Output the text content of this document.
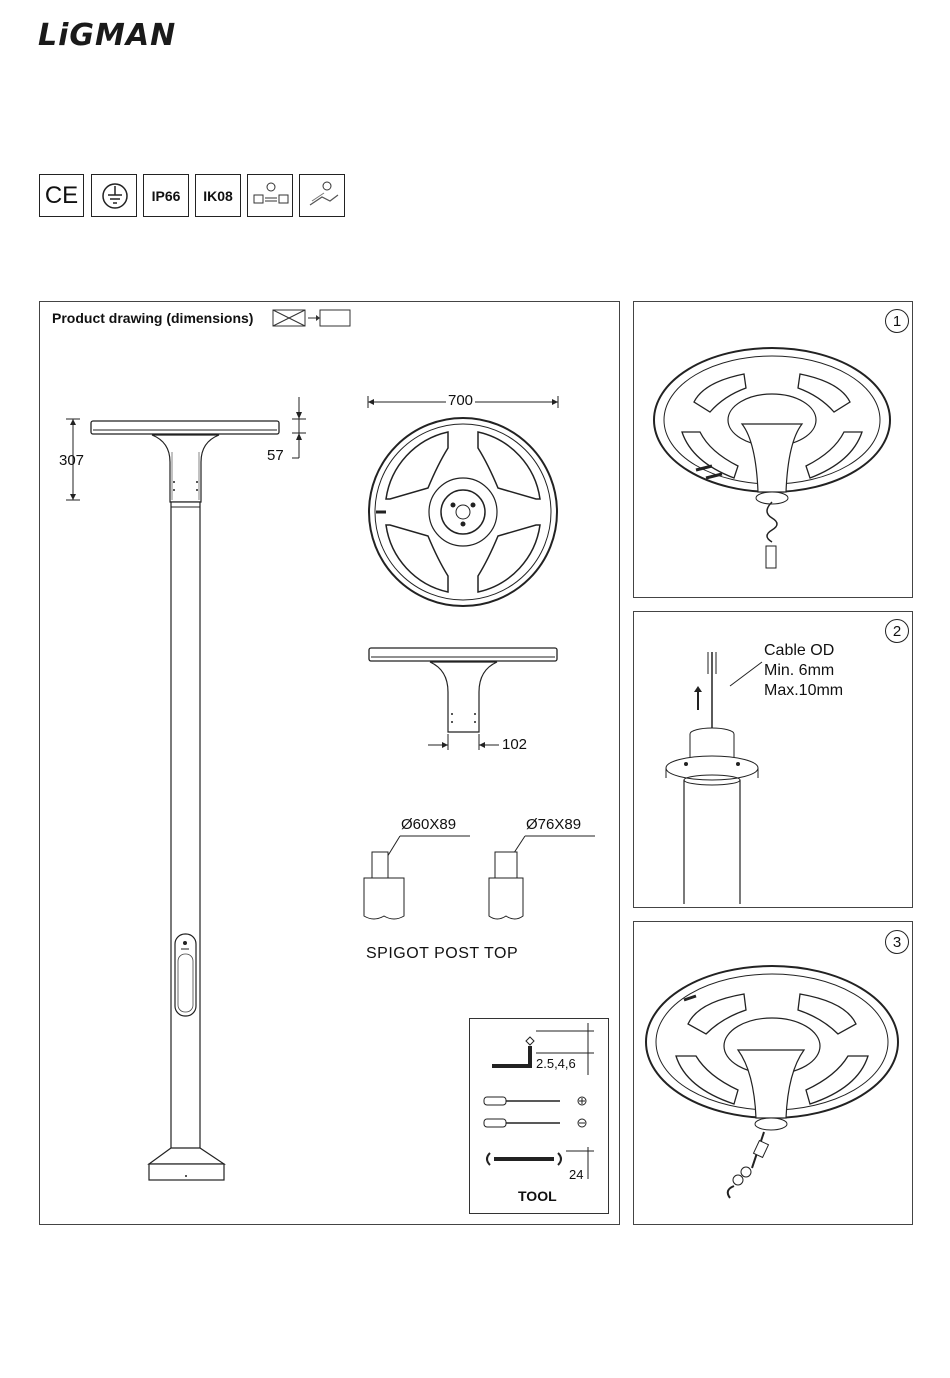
LiGMAN
CE	IP66 IK08
Product drawing (dimensions)
307	57
700
102
Ø60X89	Ø76X89
SPIGOT POST TOP
2.5,4,6
24
TOOL
1
2
Cable OD
Min. 6mm
Max.10mm
3
